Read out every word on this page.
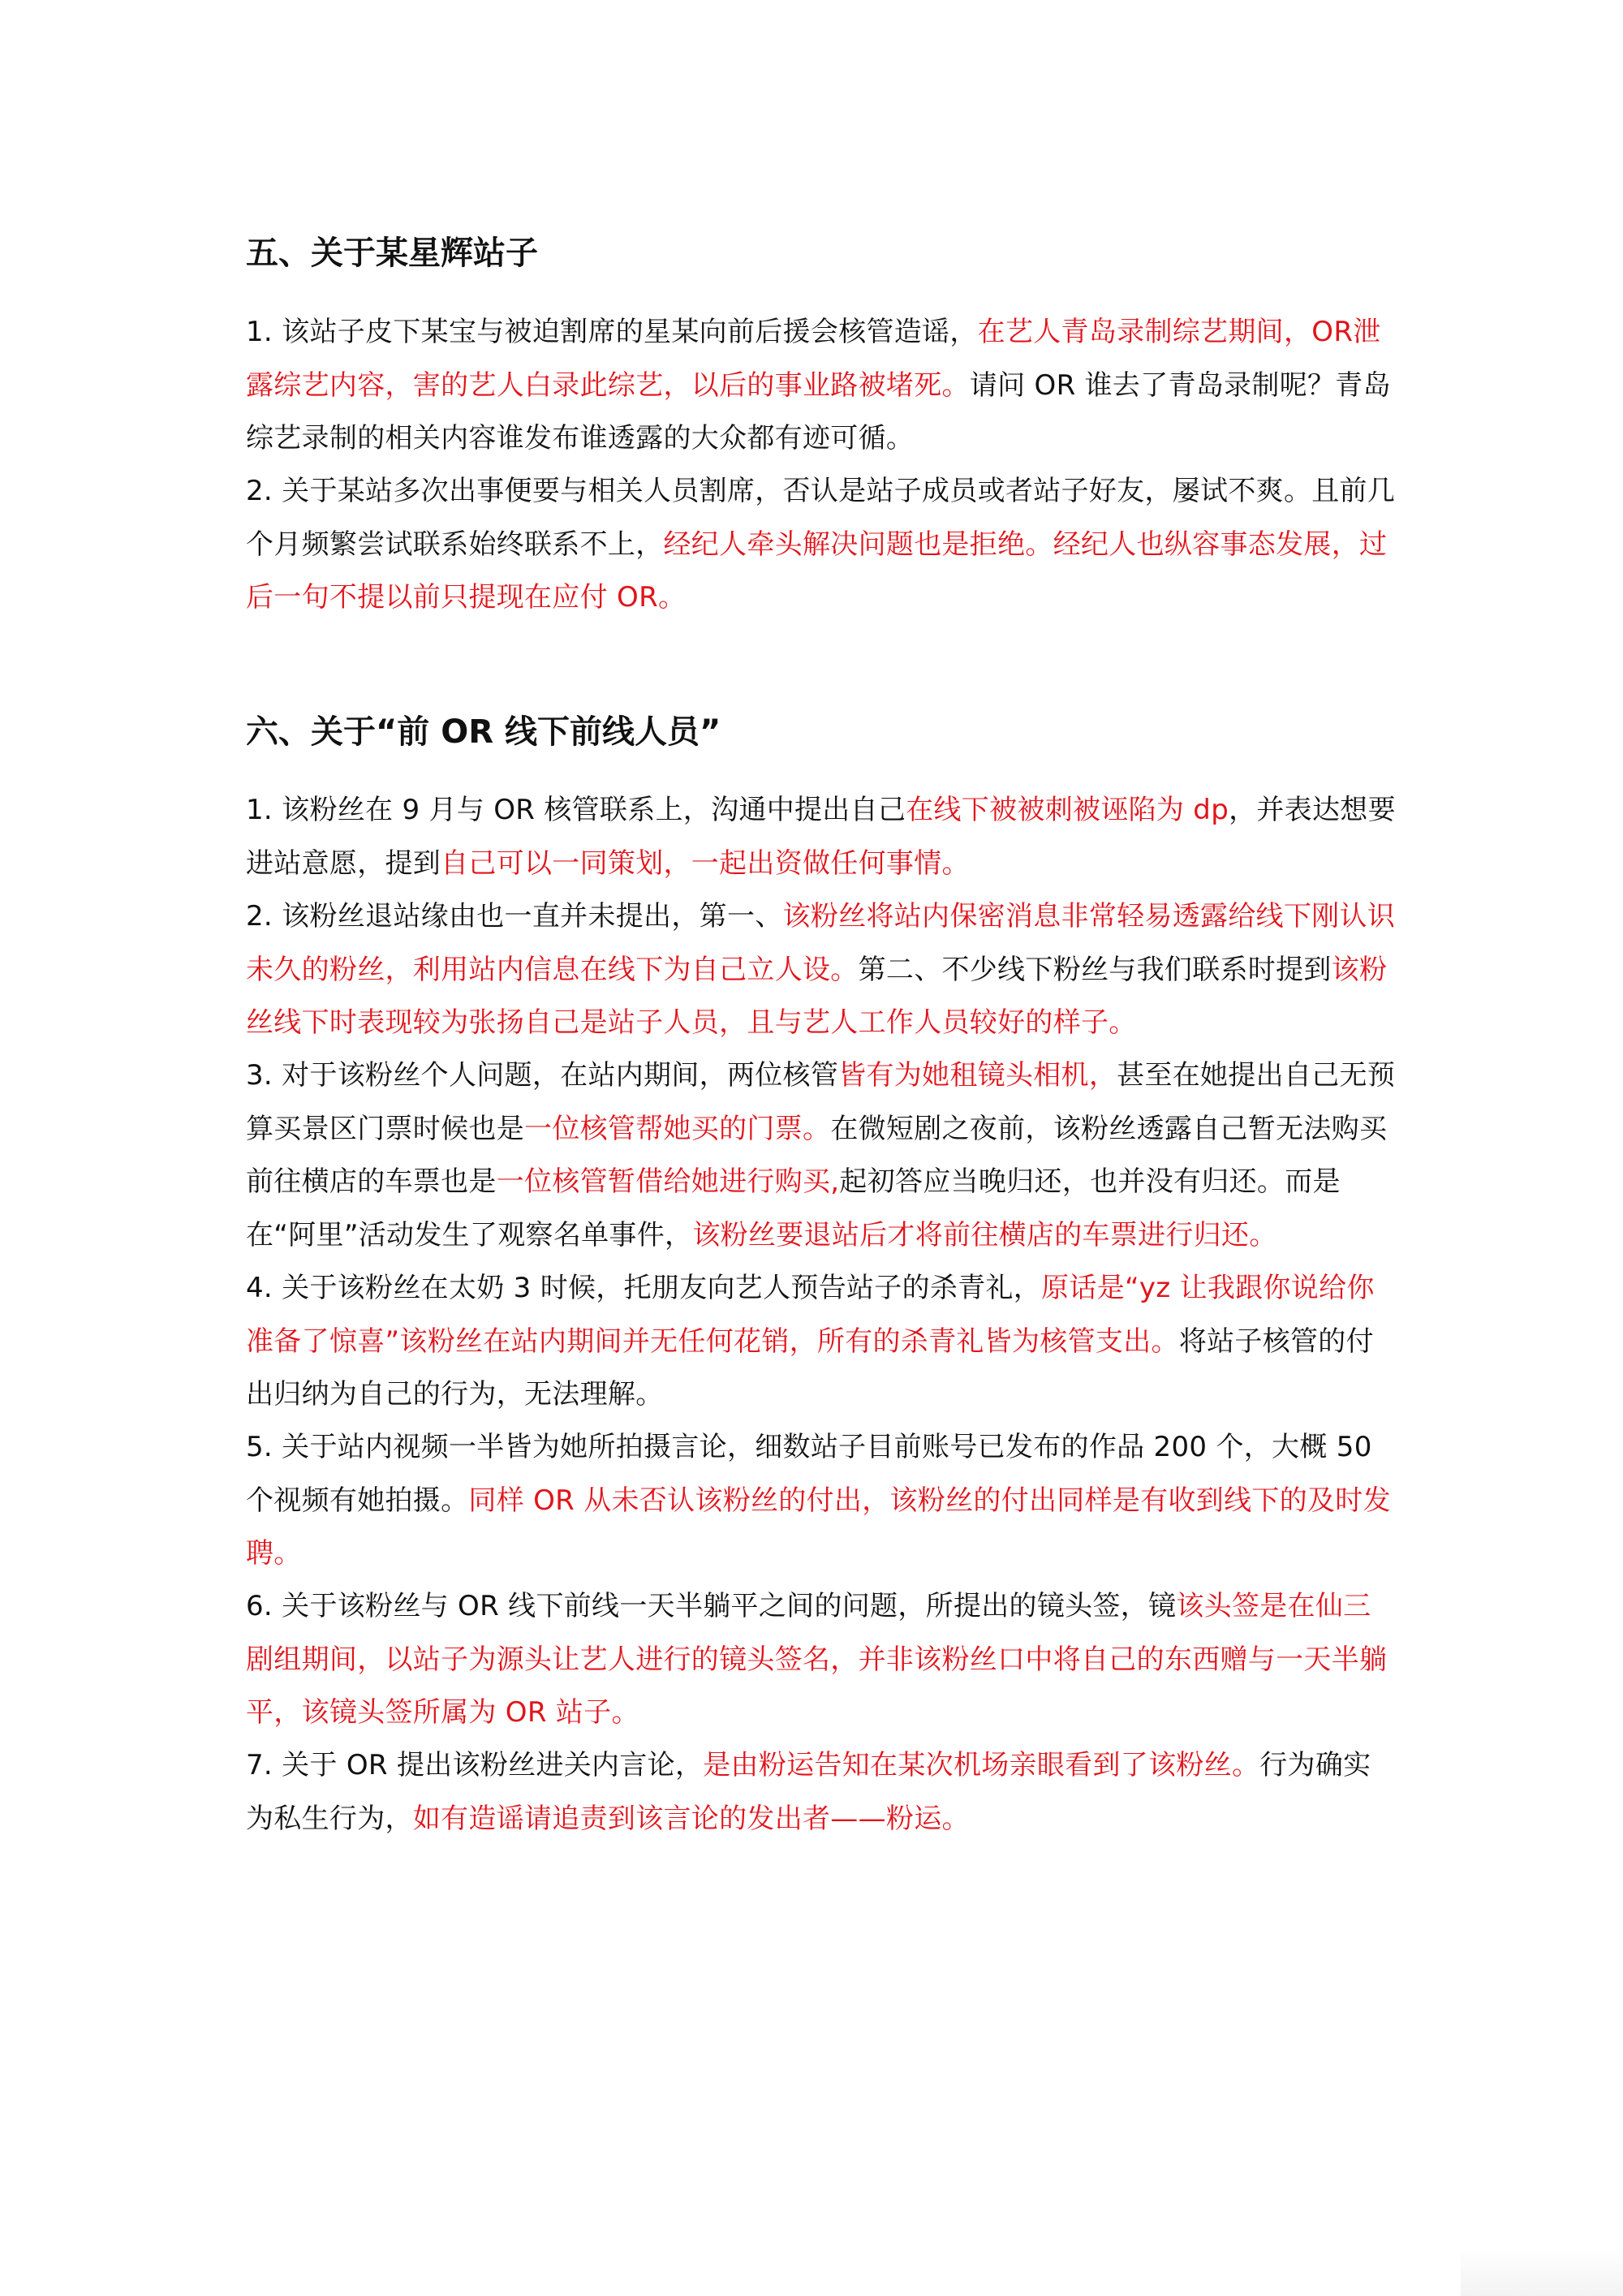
五、关于某星辉站子

1. 该站子皮下某宝与被迫割席的星某向前后援会核管造谣，在艺人青岛录制综艺期间，OR泄露综艺内容，害的艺人白录此综艺，以后的事业路被堵死。请问 OR 谁去了青岛录制呢？青岛综艺录制的相关内容谁发布谁透露的大众都有迹可循。

2. 关于某站多次出事便要与相关人员割席，否认是站子成员或者站子好友，屡试不爽。且前几个月频繁尝试联系始终联系不上，经纪人牵头解决问题也是拒绝。经纪人也纵容事态发展，过后一句不提以前只提现在应付 OR。

六、关于“前 OR 线下前线人员”

1. 该粉丝在 9 月与 OR 核管联系上，沟通中提出自己在线下被被刺被诬陷为 dp，并表达想要进站意愿，提到自己可以一同策划，一起出资做任何事情。

2. 该粉丝退站缘由也一直并未提出，第一、该粉丝将站内保密消息非常轻易透露给线下刚认识未久的粉丝，利用站内信息在线下为自己立人设。第二、不少线下粉丝与我们联系时提到该粉丝线下时表现较为张扬自己是站子人员，且与艺人工作人员较好的样子。

3. 对于该粉丝个人问题，在站内期间，两位核管皆有为她租镜头相机，甚至在她提出自己无预算买景区门票时候也是一位核管帮她买的门票。在微短剧之夜前，该粉丝透露自己暂无法购买前往横店的车票也是一位核管暂借给她进行购买,起初答应当晚归还，也并没有归还。而是在“阿里”活动发生了观察名单事件，该粉丝要退站后才将前往横店的车票进行归还。

4. 关于该粉丝在太奶 3 时候，托朋友向艺人预告站子的杀青礼，原话是“yz 让我跟你说给你准备了惊喜”该粉丝在站内期间并无任何花销，所有的杀青礼皆为核管支出。将站子核管的付出归纳为自己的行为，无法理解。

5. 关于站内视频一半皆为她所拍摄言论，细数站子目前账号已发布的作品 200 个，大概 50 个视频有她拍摄。同样 OR 从未否认该粉丝的付出，该粉丝的付出同样是有收到线下的及时发聘。

6. 关于该粉丝与 OR 线下前线一天半躺平之间的问题，所提出的镜头签，镜该头签是在仙三剧组期间，以站子为源头让艺人进行的镜头签名，并非该粉丝口中将自己的东西赠与一天半躺平，该镜头签所属为 OR 站子。

7. 关于 OR 提出该粉丝进关内言论，是由粉运告知在某次机场亲眼看到了该粉丝。行为确实为私生行为，如有造谣请追责到该言论的发出者——粉运。
